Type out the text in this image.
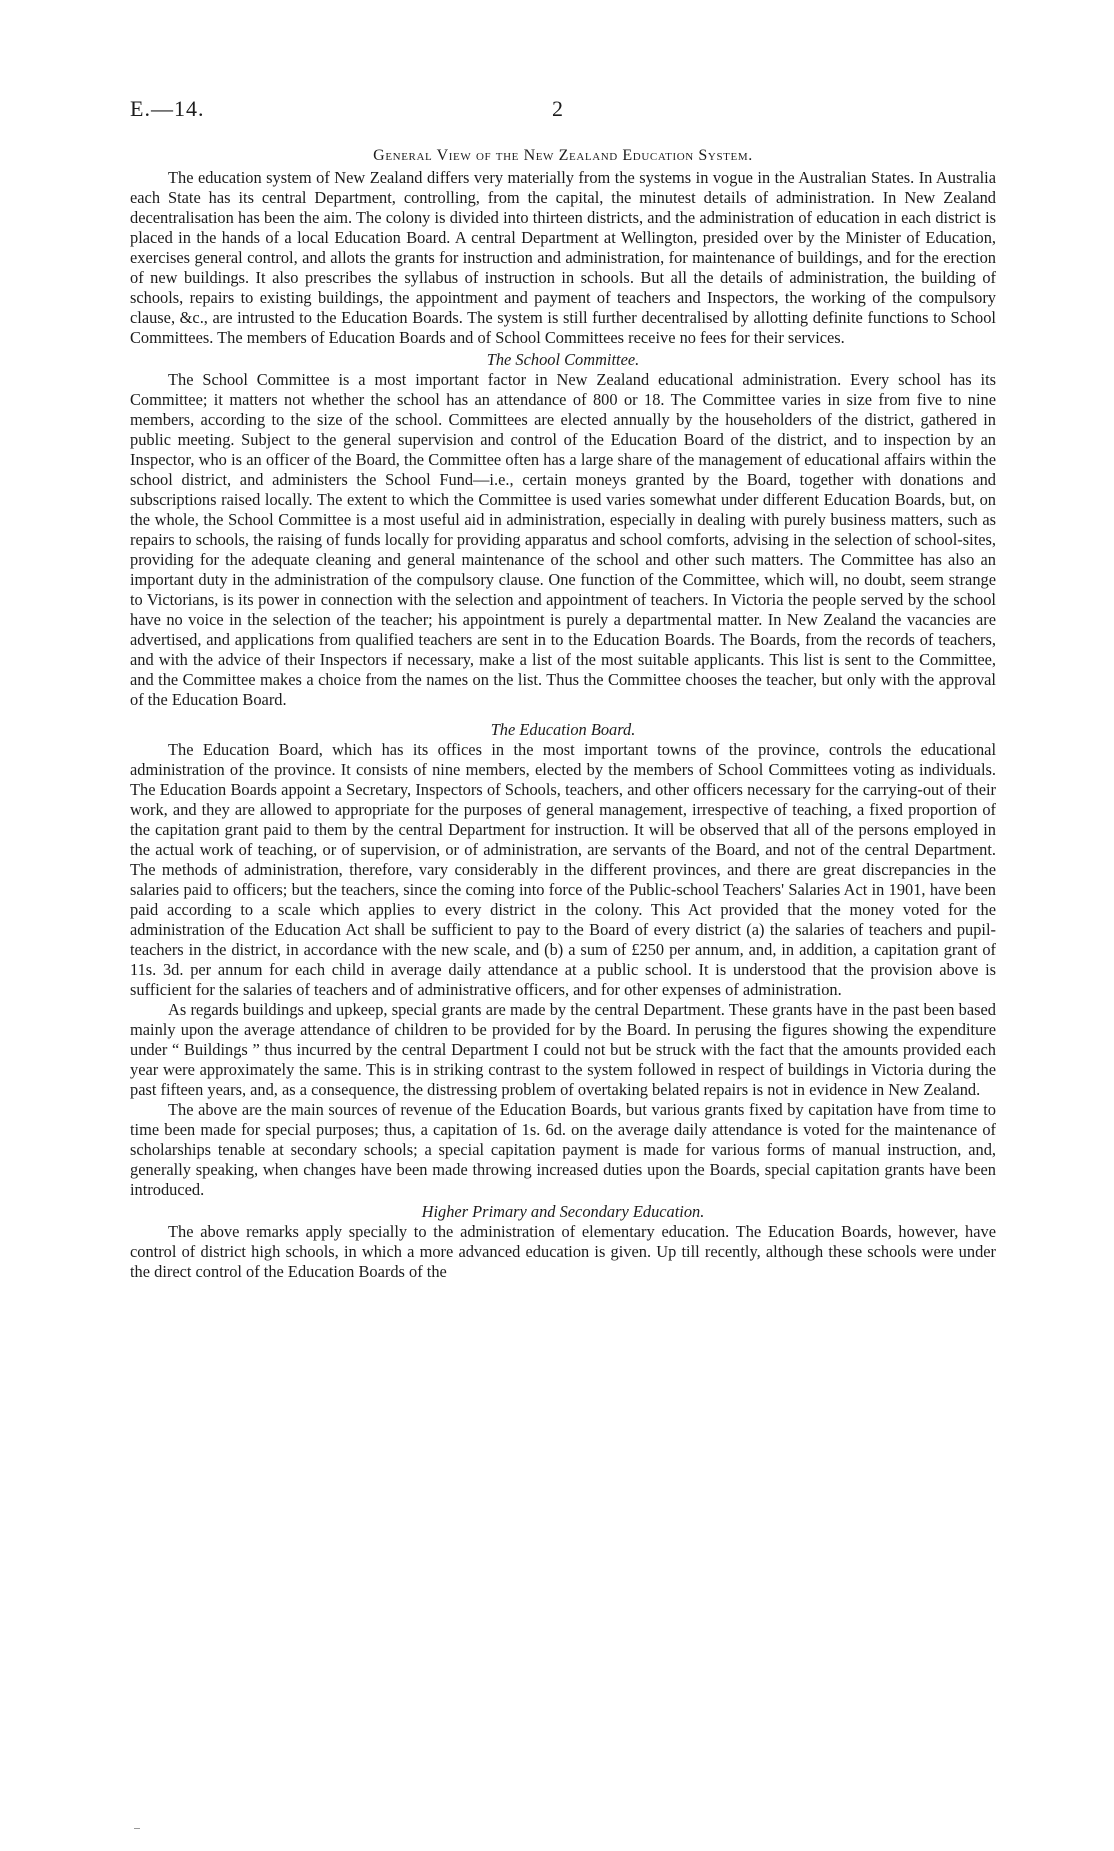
E.—14.	2
General View of the New Zealand Education System.

The education system of New Zealand differs very materially from the systems in vogue in the Australian States. In Australia each State has its central Department, controlling, from the capital, the minutest details of administration. In New Zealand decentralisation has been the aim. The colony is divided into thirteen districts, and the administration of education in each district is placed in the hands of a local Education Board. A central Department at Wellington, presided over by the Minister of Education, exercises general control, and allots the grants for instruction and administration, for maintenance of buildings, and for the erection of new buildings. It also prescribes the syllabus of instruction in schools. But all the details of administration, the building of schools, repairs to existing buildings, the appointment and payment of teachers and Inspectors, the working of the compulsory clause, &c., are intrusted to the Education Boards. The system is still further decentralised by allotting definite functions to School Committees. The members of Education Boards and of School Committees receive no fees for their services.

The School Committee.

The School Committee is a most important factor in New Zealand educational administration. Every school has its Committee; it matters not whether the school has an attendance of 800 or 18. The Committee varies in size from five to nine members, according to the size of the school. Committees are elected annually by the householders of the district, gathered in public meeting. Subject to the general supervision and control of the Education Board of the district, and to inspection by an Inspector, who is an officer of the Board, the Committee often has a large share of the management of educational affairs within the school district, and administers the School Fund—i.e., certain moneys granted by the Board, together with donations and subscriptions raised locally. The extent to which the Committee is used varies somewhat under different Education Boards, but, on the whole, the School Committee is a most useful aid in administration, especially in dealing with purely business matters, such as repairs to schools, the raising of funds locally for providing apparatus and school comforts, advising in the selection of school-sites, providing for the adequate cleaning and general maintenance of the school and other such matters. The Committee has also an important duty in the administration of the compulsory clause. One function of the Committee, which will, no doubt, seem strange to Victorians, is its power in connection with the selection and appointment of teachers. In Victoria the people served by the school have no voice in the selection of the teacher; his appointment is purely a departmental matter. In New Zealand the vacancies are advertised, and applications from qualified teachers are sent in to the Education Boards. The Boards, from the records of teachers, and with the advice of their Inspectors if necessary, make a list of the most suitable applicants. This list is sent to the Committee, and the Committee makes a choice from the names on the list. Thus the Committee chooses the teacher, but only with the approval of the Education Board.

The Education Board.

The Education Board, which has its offices in the most important towns of the province, controls the educational administration of the province. It consists of nine members, elected by the members of School Committees voting as individuals. The Education Boards appoint a Secretary, Inspectors of Schools, teachers, and other officers necessary for the carrying-out of their work, and they are allowed to appropriate for the purposes of general management, irrespective of teaching, a fixed proportion of the capitation grant paid to them by the central Department for instruction. It will be observed that all of the persons employed in the actual work of teaching, or of supervision, or of administration, are servants of the Board, and not of the central Department. The methods of administration, therefore, vary considerably in the different provinces, and there are great discrepancies in the salaries paid to officers; but the teachers, since the coming into force of the Public-school Teachers' Salaries Act in 1901, have been paid according to a scale which applies to every district in the colony. This Act provided that the money voted for the administration of the Education Act shall be sufficient to pay to the Board of every district (a) the salaries of teachers and pupil-teachers in the district, in accordance with the new scale, and (b) a sum of £250 per annum, and, in addition, a capitation grant of 11s. 3d. per annum for each child in average daily attendance at a public school. It is understood that the provision above is sufficient for the salaries of teachers and of administrative officers, and for other expenses of administration.

As regards buildings and upkeep, special grants are made by the central Department. These grants have in the past been based mainly upon the average attendance of children to be provided for by the Board. In perusing the figures showing the expenditure under “ Buildings ” thus incurred by the central Department I could not but be struck with the fact that the amounts provided each year were approximately the same. This is in striking contrast to the system followed in respect of buildings in Victoria during the past fifteen years, and, as a consequence, the distressing problem of overtaking belated repairs is not in evidence in New Zealand.

The above are the main sources of revenue of the Education Boards, but various grants fixed by capitation have from time to time been made for special purposes; thus, a capitation of 1s. 6d. on the average daily attendance is voted for the maintenance of scholarships tenable at secondary schools; a special capitation payment is made for various forms of manual instruction, and, generally speaking, when changes have been made throwing increased duties upon the Boards, special capitation grants have been introduced.

Higher Primary and Secondary Education.

The above remarks apply specially to the administration of elementary education. The Education Boards, however, have control of district high schools, in which a more advanced education is given. Up till recently, although these schools were under the direct control of the Education Boards of the
